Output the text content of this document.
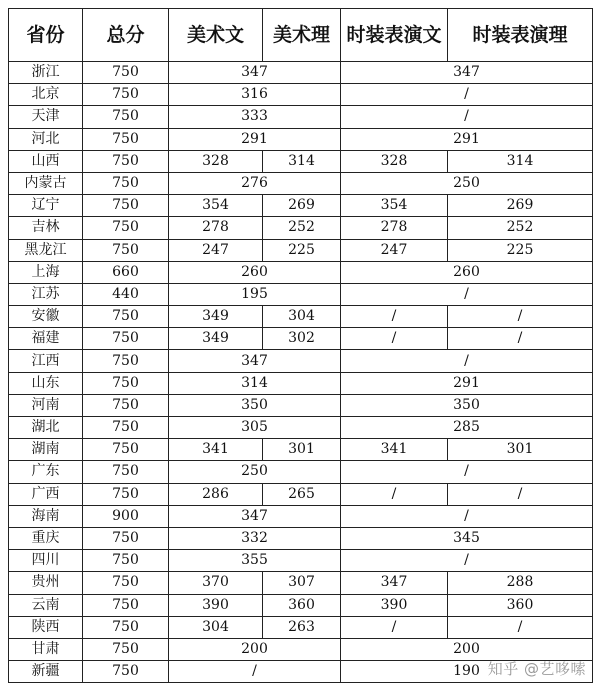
省份	总分	美术文	美术理	时装表演文	时装表演理
浙江	750	347		347	
北京	750	316		/	
天津	750	333		/	
河北	750	291		291	
山西	750	328	314	328	314
内蒙古	750	276		250	
辽宁	750	354	269	354	269
吉林	750	278	252	278	252
黑龙江	750	247	225	247	225
上海	660	260		260	
江苏	440	195		/	
安徽	750	349	304	/	/
福建	750	349	302	/	/
江西	750	347		/	
山东	750	314		291	
河南	750	350		350	
湖北	750	305		285	
湖南	750	341	301	341	301
广东	750	250		/	
广西	750	286	265	/	/
海南	900	347		/	
重庆	750	332		345	
四川	750	355		/	
贵州	750	370	307	347	288
云南	750	390	360	390	360
陕西	750	304	263	/	/
甘肃	750	200		200	
新疆	750	/		190	知乎 @艺哆嗦
